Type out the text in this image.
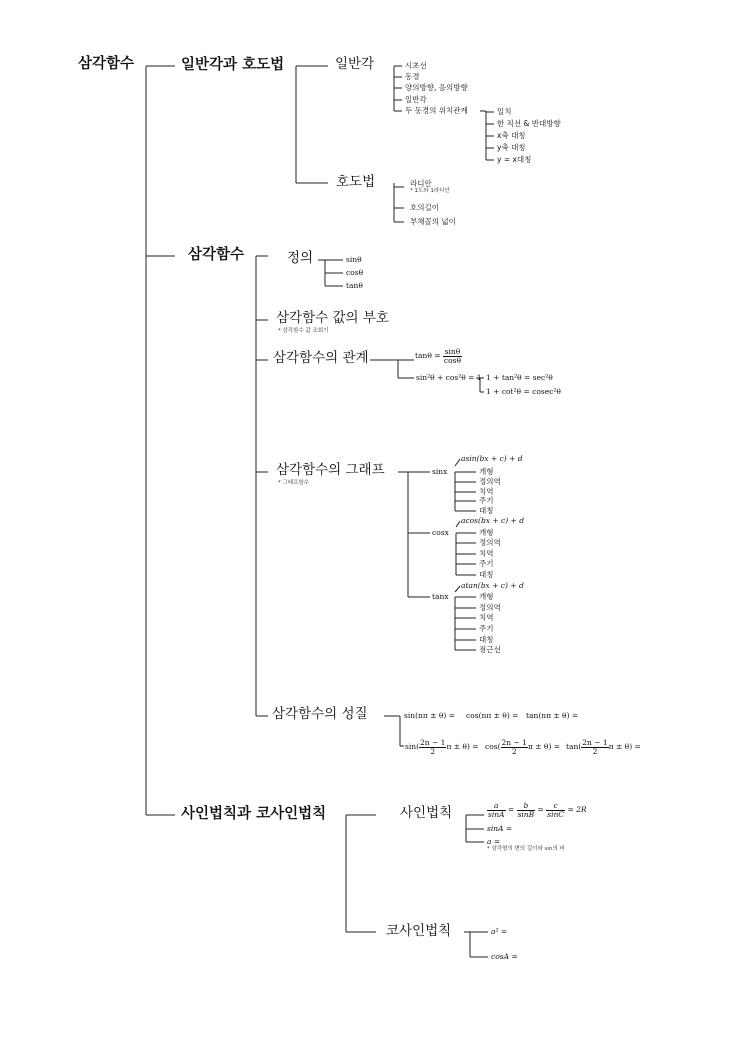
삼각함수	일반각과 호도법	일반각	시초선
동경
양의방향, 음의방향
일반각
두 동경의 위치관계	일치
한 직선 & 반대방향
x축 대칭
y축 대칭
y = x대칭
호도법	라디안
* 1도와 1라디안
호의길이
부채꼴의 넓이
삼각함수	정의	sinθ
cosθ
tanθ
삼각함수 값의 부호
* 삼각함수 값 조회기
삼각함수의 관계	$\tan\theta = \frac{\sin\theta}{\cos\theta}$
sin²θ + cos²θ = 1 1 + tan²θ = sec²θ
1 + cot²θ = cosec²θ
삼각함수의 그래프
* 그래프함수
sinx
asin(bx + c) + d
개형
정의역
치역
주기
대칭
cosx
acos(bx + c) + d
개형
정의역
치역
주기
대칭
tanx
atan(bx + c) + d
개형
정의역
치역
주기
대칭
점근선
삼각함수의 성질	sin(nπ ± θ) = cos(nπ ± θ) = tan(nπ ± θ) =
$\sin( \frac{2n - 1}{2}$ $\pi \pm \theta) = \cos( \frac{2n - 1}{2}$ $\pi \pm \theta) = \tan( \frac{2n - 1}{2}$ π ± θ) =
사인법칙과 코사인법칙	사인법칙	$\frac{a}{\sin A} = \frac{b}{\sin B} = \frac{c}{\sin C} = 2R$
sinA =
a =
* 삼각형의 변의 길이와 sin의 비
코사인법칙	a² =
cosA =
